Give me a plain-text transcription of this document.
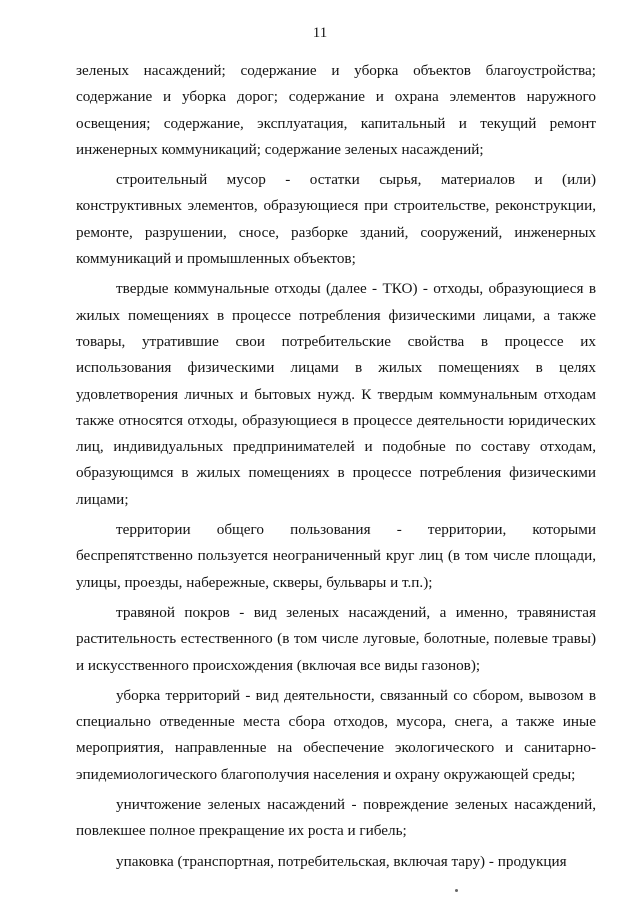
11

зеленых насаждений; содержание и уборка объектов благоустройства; содержание и уборка дорог; содержание и охрана элементов наружного освещения; содержание, эксплуатация, капитальный и текущий ремонт инженерных коммуникаций; содержание зеленых насаждений;

строительный мусор - остатки сырья, материалов и (или) конструктивных элементов, образующиеся при строительстве, реконструкции, ремонте, разрушении, сносе, разборке зданий, сооружений, инженерных коммуникаций и промышленных объектов;

твердые коммунальные отходы (далее - ТКО) - отходы, образующиеся в жилых помещениях в процессе потребления физическими лицами, а также товары, утратившие свои потребительские свойства в процессе их использования физическими лицами в жилых помещениях в целях удовлетворения личных и бытовых нужд. К твердым коммунальным отходам также относятся отходы, образующиеся в процессе деятельности юридических лиц, индивидуальных предпринимателей и подобные по составу отходам, образующимся в жилых помещениях в процессе потребления физическими лицами;

территории общего пользования - территории, которыми беспрепятственно пользуется неограниченный круг лиц (в том числе площади, улицы, проезды, набережные, скверы, бульвары и т.п.);

травяной покров - вид зеленых насаждений, а именно, травянистая растительность естественного (в том числе луговые, болотные, полевые травы) и искусственного происхождения (включая все виды газонов);

уборка территорий - вид деятельности, связанный со сбором, вывозом в специально отведенные места сбора отходов, мусора, снега, а также иные мероприятия, направленные на обеспечение экологического и санитарно-эпидемиологического благополучия населения и охрану окружающей среды;

уничтожение зеленых насаждений - повреждение зеленых насаждений, повлекшее полное прекращение их роста и гибель;

упаковка (транспортная, потребительская, включая тару) - продукция
